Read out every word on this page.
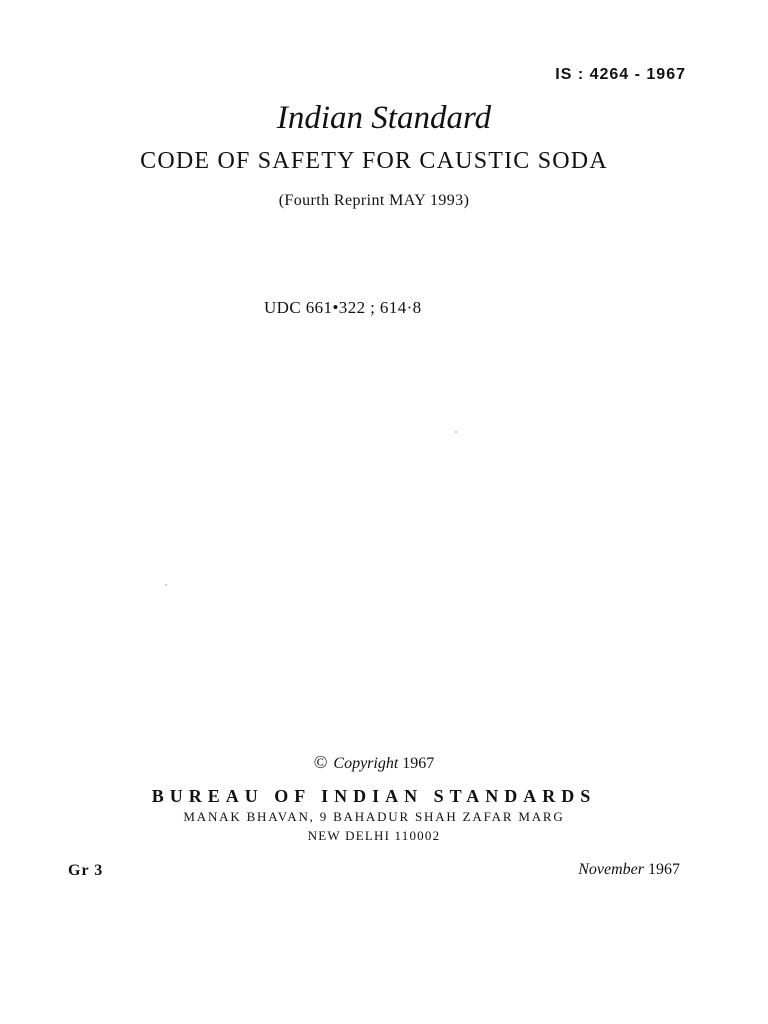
IS : 4264 - 1967
Indian Standard
CODE OF SAFETY FOR CAUSTIC SODA
(Fourth Reprint MAY 1993)
UDC 661•322 ; 614·8
© Copyright 1967
BUREAU OF INDIAN STANDARDS
MANAK BHAVAN, 9 BAHADUR SHAH ZAFAR MARG
NEW DELHI 110002
Gr 3	November 1967
